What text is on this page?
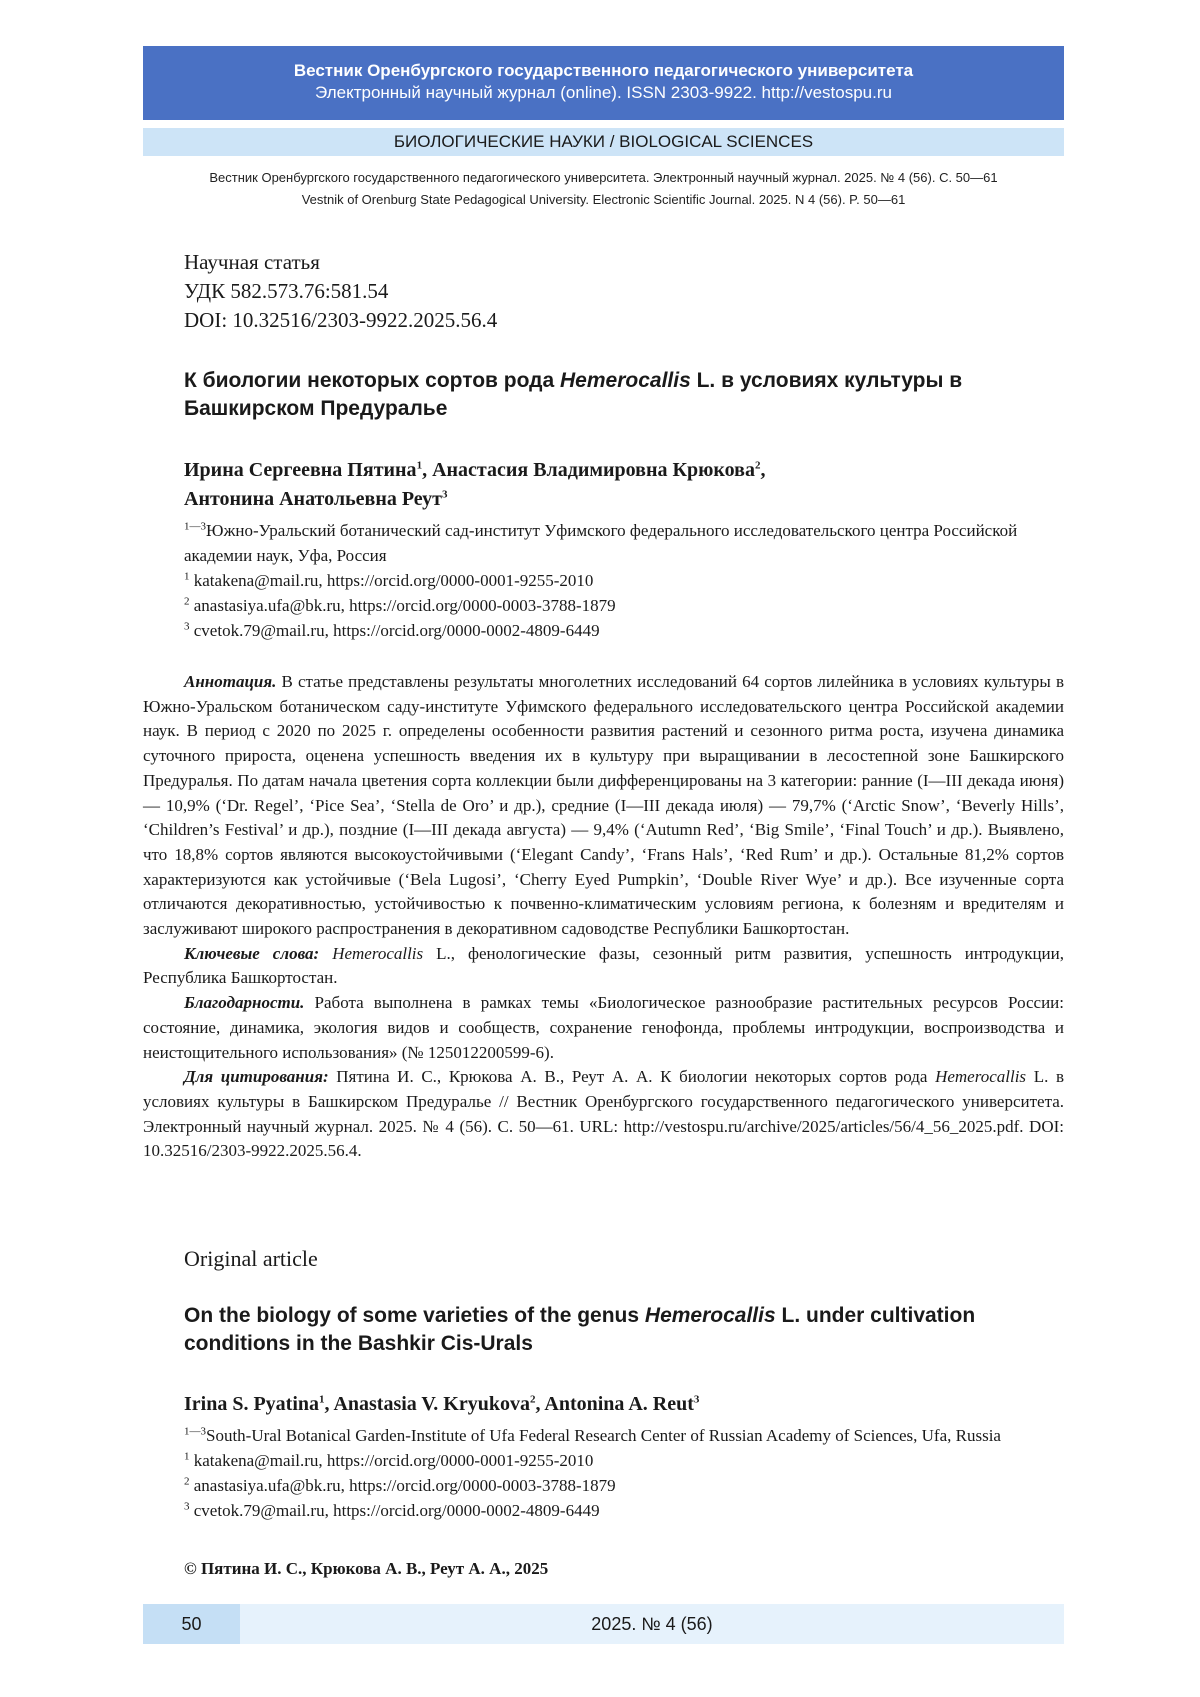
Вестник Оренбургского государственного педагогического университета
Электронный научный журнал (online). ISSN 2303-9922. http://vestospu.ru
БИОЛОГИЧЕСКИЕ НАУКИ / BIOLOGICAL SCIENCES
Вестник Оренбургского государственного педагогического университета. Электронный научный журнал. 2025. № 4 (56). С. 50—61
Vestnik of Orenburg State Pedagogical University. Electronic Scientific Journal. 2025. N 4 (56). P. 50—61
Научная статья
УДК 582.573.76:581.54
DOI: 10.32516/2303-9922.2025.56.4
К биологии некоторых сортов рода Hemerocallis L. в условиях культуры в Башкирском Предуралье
Ирина Сергеевна Пятина$^1$, Анастасия Владимировна Крюкова$^2$,
Антонина Анатольевна Реут$^3$
$^{1—3}$Южно-Уральский ботанический сад-институт Уфимского федерального исследовательского центра Российской академии наук, Уфа, Россия
$^1$ katakena@mail.ru, https://orcid.org/0000-0001-9255-2010
$^2$ anastasiya.ufa@bk.ru, https://orcid.org/0000-0003-3788-1879
$^3$ cvetok.79@mail.ru, https://orcid.org/0000-0002-4809-6449

Аннотация. В статье представлены результаты многолетних исследований 64 сортов лилейника в условиях культуры в Южно-Уральском ботаническом саду-институте Уфимского федерального исследовательского центра Российской академии наук. В период с 2020 по 2025 г. определены особенности развития растений и сезонного ритма роста, изучена динамика суточного прироста, оценена успешность введения их в культуру при выращивании в лесостепной зоне Башкирского Предуралья. По датам начала цветения сорта коллекции были дифференцированы на 3 категории: ранние (I—III декада июня) — 10,9% (‘Dr. Regel’, ‘Pice Sea’, ‘Stella de Oro’ и др.), средние (I—III декада июля) — 79,7% (‘Arctic Snow’, ‘Beverly Hills’, ‘Children’s Festival’ и др.), поздние (I—III декада августа) — 9,4% (‘Autumn Red’, ‘Big Smile’, ‘Final Touch’ и др.). Выявлено, что 18,8% сортов являются высокоустойчивыми (‘Elegant Candy’, ‘Frans Hals’, ‘Red Rum’ и др.). Остальные 81,2% сортов характеризуются как устойчивые (‘Bela Lugosi’, ‘Cherry Eyed Pumpkin’, ‘Double River Wye’ и др.). Все изученные сорта отличаются декоративностью, устойчивостью к почвенно-климатическим условиям региона, к болезням и вредителям и заслуживают широкого распространения в декоративном садоводстве Республики Башкортостан.

Ключевые слова: Hemerocallis L., фенологические фазы, сезонный ритм развития, успешность интродукции, Республика Башкортостан.

Благодарности. Работа выполнена в рамках темы «Биологическое разнообразие растительных ресурсов России: состояние, динамика, экология видов и сообществ, сохранение генофонда, проблемы интродукции, воспроизводства и неистощительного использования» (№ 125012200599-6).

Для цитирования: Пятина И. С., Крюкова А. В., Реут А. А. К биологии некоторых сортов рода Hemerocallis L. в условиях культуры в Башкирском Предуралье // Вестник Оренбургского государственного педагогического университета. Электронный научный журнал. 2025. № 4 (56). С. 50—61. URL: http://vestospu.ru/archive/2025/articles/56/4_56_2025.pdf. DOI: 10.32516/2303-9922.2025.56.4.

Original article
On the biology of some varieties of the genus Hemerocallis L. under cultivation conditions in the Bashkir Cis-Urals
Irina S. Pyatina$^1$, Anastasia V. Kryukova$^2$, Antonina A. Reut$^3$
$^{1—3}$South-Ural Botanical Garden-Institute of Ufa Federal Research Center of Russian Academy of Sciences, Ufa, Russia
$^1$ katakena@mail.ru, https://orcid.org/0000-0001-9255-2010
$^2$ anastasiya.ufa@bk.ru, https://orcid.org/0000-0003-3788-1879
$^3$ cvetok.79@mail.ru, https://orcid.org/0000-0002-4809-6449
© Пятина И. С., Крюкова А. В., Реут А. А., 2025
50	2025. № 4 (56)
